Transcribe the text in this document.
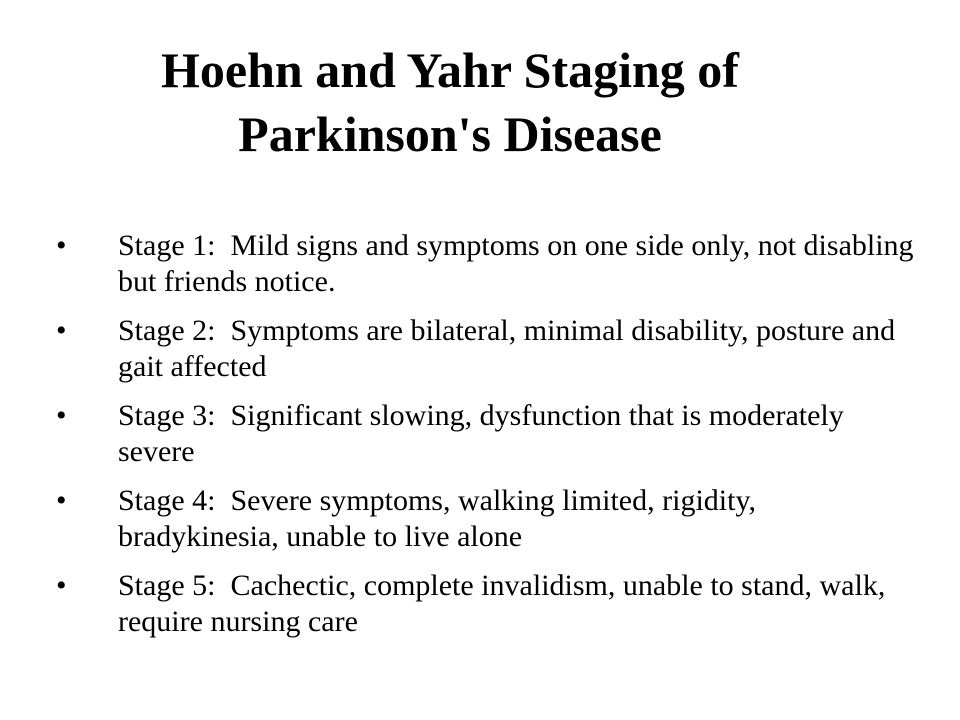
Hoehn and Yahr Staging of
Parkinson's Disease
•	Stage 1: Mild signs and symptoms on one side only, not disabling but friends notice.
•	Stage 2: Symptoms are bilateral, minimal disability, posture and gait affected
•	Stage 3: Significant slowing, dysfunction that is moderately severe
•	Stage 4: Severe symptoms, walking limited, rigidity, bradykinesia, unable to live alone
•	Stage 5: Cachectic, complete invalidism, unable to stand, walk, require nursing care
